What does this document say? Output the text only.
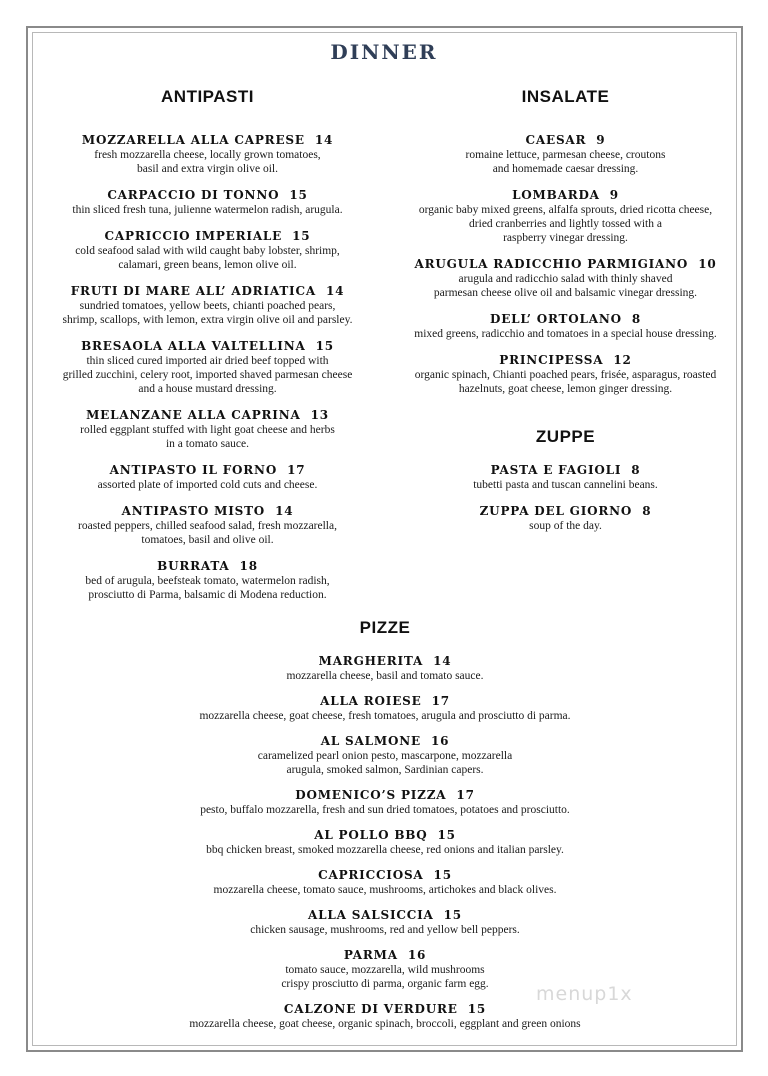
DINNER
ANTIPASTI
MOZZARELLA ALLA CAPRESE 14
fresh mozzarella cheese, locally grown tomatoes,
basil and extra virgin olive oil.
CARPACCIO DI TONNO 15
thin sliced fresh tuna, julienne watermelon radish, arugula.
CAPRICCIO IMPERIALE 15
cold seafood salad with wild caught baby lobster, shrimp,
calamari, green beans, lemon olive oil.
FRUTI DI MARE ALL’ ADRIATICA 14
sundried tomatoes, yellow beets, chianti poached pears,
shrimp, scallops, with lemon, extra virgin olive oil and parsley.
BRESAOLA ALLA VALTELLINA 15
thin sliced cured imported air dried beef topped with
grilled zucchini, celery root, imported shaved parmesan cheese
and a house mustard dressing.
MELANZANE ALLA CAPRINA 13
rolled eggplant stuffed with light goat cheese and herbs
in a tomato sauce.
ANTIPASTO IL FORNO 17
assorted plate of imported cold cuts and cheese.
ANTIPASTO MISTO 14
roasted peppers, chilled seafood salad, fresh mozzarella,
tomatoes, basil and olive oil.
BURRATA 18
bed of arugula, beefsteak tomato, watermelon radish,
prosciutto di Parma, balsamic di Modena reduction.
INSALATE
CAESAR 9
romaine lettuce, parmesan cheese, croutons
and homemade caesar dressing.
LOMBARDA 9
organic baby mixed greens, alfalfa sprouts, dried ricotta cheese,
dried cranberries and lightly tossed with a
raspberry vinegar dressing.
ARUGULA RADICCHIO PARMIGIANO 10
arugula and radicchio salad with thinly shaved
parmesan cheese olive oil and balsamic vinegar dressing.
DELL’ ORTOLANO 8
mixed greens, radicchio and tomatoes in a special house dressing.
PRINCIPESSA 12
organic spinach, Chianti poached pears, frisée, asparagus, roasted
hazelnuts, goat cheese, lemon ginger dressing.
ZUPPE
PASTA E FAGIOLI 8
tubetti pasta and tuscan cannelini beans.
ZUPPA DEL GIORNO 8
soup of the day.
PIZZE
MARGHERITA 14
mozzarella cheese, basil and tomato sauce.
ALLA ROIESE 17
mozzarella cheese, goat cheese, fresh tomatoes, arugula and prosciutto di parma.
AL SALMONE 16
caramelized pearl onion pesto, mascarpone, mozzarella
arugula, smoked salmon, Sardinian capers.
DOMENICO’S PIZZA 17
pesto, buffalo mozzarella, fresh and sun dried tomatoes, potatoes and prosciutto.
AL POLLO BBQ 15
bbq chicken breast, smoked mozzarella cheese, red onions and italian parsley.
CAPRICCIOSA 15
mozzarella cheese, tomato sauce, mushrooms, artichokes and black olives.
ALLA SALSICCIA 15
chicken sausage, mushrooms, red and yellow bell peppers.
PARMA 16
tomato sauce, mozzarella, wild mushrooms
crispy prosciutto di parma, organic farm egg.
CALZONE DI VERDURE 15
mozzarella cheese, goat cheese, organic spinach, broccoli, eggplant and green onions
menup1x
